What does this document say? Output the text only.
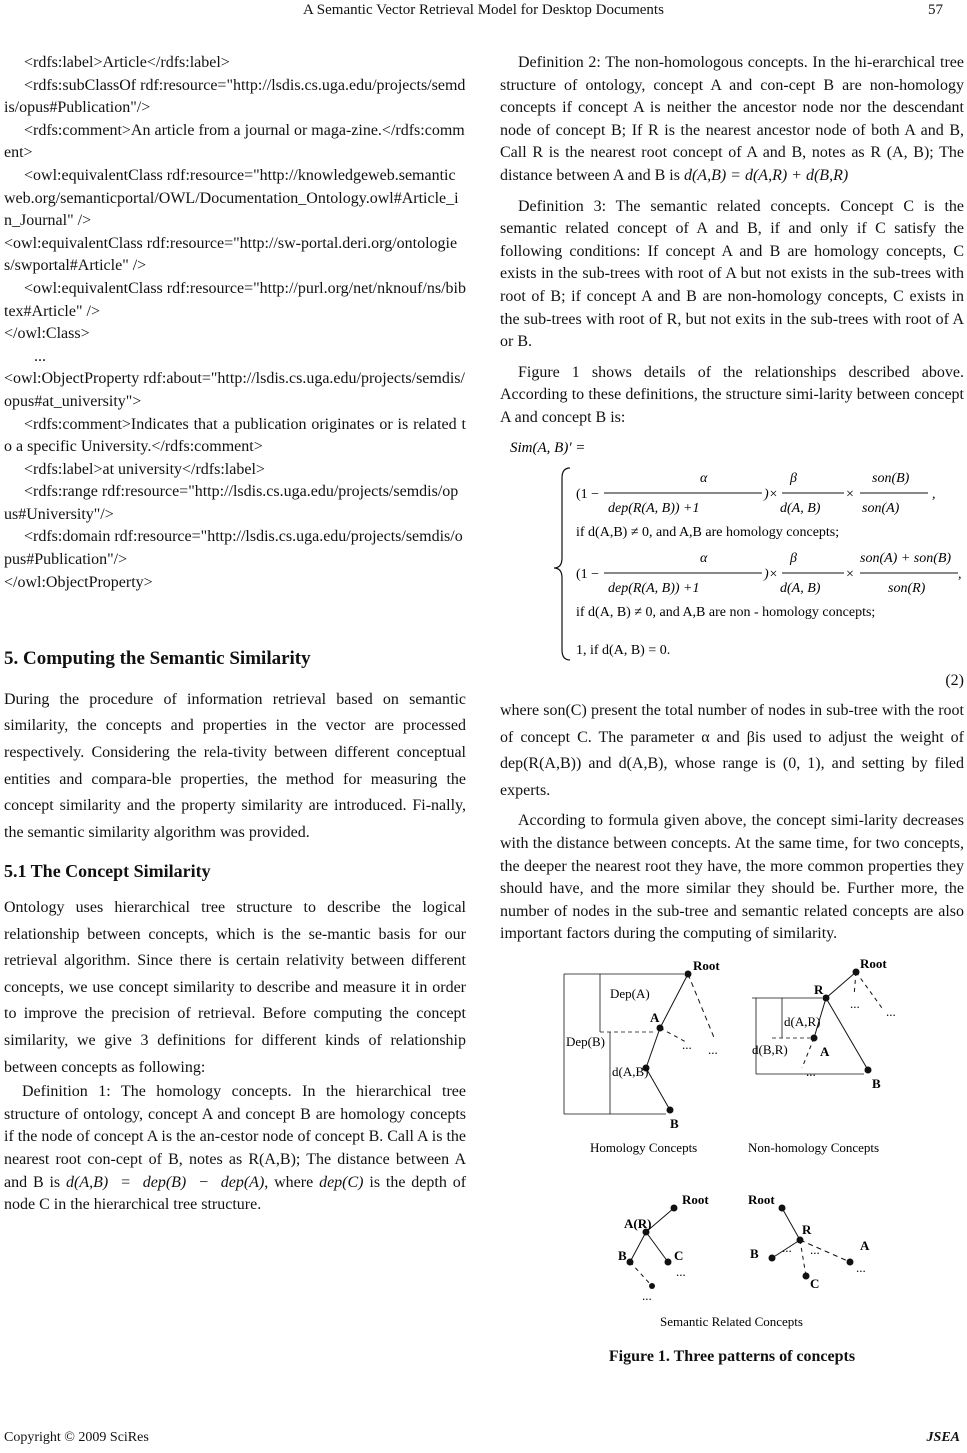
A Semantic Vector Retrieval Model for Desktop Documents	57

<rdfs:label>Article</rdfs:label>

<rdfs:subClassOf rdf:resource="http://lsdis.cs.uga.edu/projects/semdis/opus#Publication"/>

<rdfs:comment>An article from a journal or maga-zine.</rdfs:comment>

<owl:equivalentClass rdf:resource="http://knowledgeweb.semanticweb.org/semanticportal/OWL/Documentation_Ontology.owl#Article_in_Journal" />

<owl:equivalentClass rdf:resource="http://sw-portal.deri.org/ontologies/swportal#Article" />

<owl:equivalentClass rdf:resource="http://purl.org/net/nknouf/ns/bibtex#Article" />

</owl:Class>

...

<owl:ObjectProperty rdf:about="http://lsdis.cs.uga.edu/projects/semdis/opus#at_university">

<rdfs:comment>Indicates that a publication originates or is related to a specific University.</rdfs:comment>

<rdfs:label>at university</rdfs:label>

<rdfs:range rdf:resource="http://lsdis.cs.uga.edu/projects/semdis/opus#University"/>

<rdfs:domain rdf:resource="http://lsdis.cs.uga.edu/projects/semdis/opus#Publication"/>

</owl:ObjectProperty>

5. Computing the Semantic Similarity

During the procedure of information retrieval based on semantic similarity, the concepts and properties in the vector are processed respectively. Considering the rela-tivity between different conceptual entities and compara-ble properties, the method for measuring the concept similarity and the property similarity are introduced. Fi-nally, the semantic similarity algorithm was provided.

5.1 The Concept Similarity

Ontology uses hierarchical tree structure to describe the logical relationship between concepts, which is the se-mantic basis for our retrieval algorithm. Since there is certain relativity between different concepts, we use concept similarity to describe and measure it in order to improve the precision of retrieval. Before computing the concept similarity, we give 3 definitions for different kinds of relationship between concepts as following:

Definition 1: The homology concepts. In the hierarchical tree structure of ontology, concept A and concept B are homology concepts if the node of concept A is the an-cestor node of concept B. Call A is the nearest root con-cept of B, notes as R(A,B); The distance between A and B is d(A,B) = dep(B) − dep(A), where dep(C) is the depth of node C in the hierarchical tree structure.

Definition 2: The non-homologous concepts. In the hi-erarchical tree structure of ontology, concept A and con-cept B are non-homology concepts if concept A is neither the ancestor node nor the descendant node of concept B; If R is the nearest ancestor node of both A and B, Call R is the nearest root concept of A and B, notes as R (A, B); The distance between A and B is d(A,B) = d(A,R) + d(B,R)

Definition 3: The semantic related concepts. Concept C is the semantic related concept of A and B, if and only if C satisfy the following conditions: If concept A and B are homology concepts, C exists in the sub-trees with root of A but not exists in the sub-trees with root of B; if concept A and B are non-homology concepts, C exists in the sub-trees with root of R, but not exits in the sub-trees with root of A or B.

Figure 1 shows details of the relationships described above. According to these definitions, the structure simi-larity between concept A and concept B is:

Sim(A, B)' =
α	β	son(B)
(1 −	)×	×	,
dep(R(A, B)) +1	d(A, B)	son(A)
if d(A,B) ≠ 0, and A,B are homology concepts;
α	β	son(A) + son(B)
(1 −	)×	×	,
dep(R(A, B)) +1	d(A, B)	son(R)
if d(A, B) ≠ 0, and A,B are non - homology concepts;
1, if d(A, B) = 0.
(2)

where son(C) present the total number of nodes in sub-tree with the root of concept C. The parameter α and βis used to adjust the weight of dep(R(A,B)) and d(A,B), whose range is (0, 1), and setting by filed experts.

According to formula given above, the concept simi-larity decreases with the distance between concepts. At the same time, for two concepts, the deeper the nearest root they have, the more common properties they should have, and the more similar they should be. Further more, the number of nodes in the sub-tree and semantic related concepts are also important factors during the computing of similarity.

Root
A
... ...
B
Dep(A)
Dep(B)
d(A,B)
Homology Concepts
Root
...
...
R
...
A
B
d(A,R)
d(B,R)
Non-homology Concepts
Root
A(R)
B	C
...
...
Root
R
B
C
A
... ...
...
Semantic Related Concepts
Figure 1. Three patterns of concepts
Copyright © 2009 SciRes	JSEA
